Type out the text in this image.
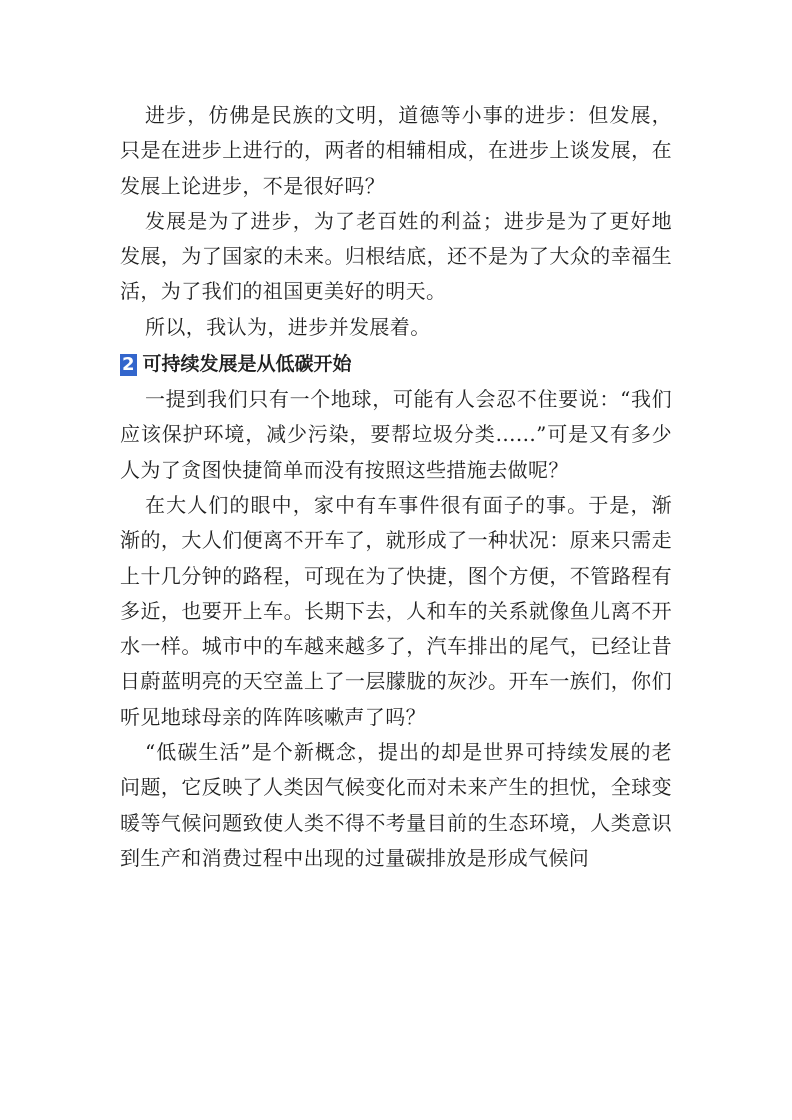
进步，仿佛是民族的文明，道德等小事的进步：但发展，只是在进步上进行的，两者的相辅相成，在进步上谈发展，在发展上论进步，不是很好吗？

发展是为了进步，为了老百姓的利益；进步是为了更好地发展，为了国家的未来。归根结底，还不是为了大众的幸福生活，为了我们的祖国更美好的明天。

所以，我认为，进步并发展着。

2 可持续发展是从低碳开始

一提到我们只有一个地球，可能有人会忍不住要说：“我们应该保护环境，减少污染，要帮垃圾分类......”可是又有多少人为了贪图快捷简单而没有按照这些措施去做呢？

在大人们的眼中，家中有车事件很有面子的事。于是，渐渐的，大人们便离不开车了，就形成了一种状况：原来只需走上十几分钟的路程，可现在为了快捷，图个方便，不管路程有多近，也要开上车。长期下去，人和车的关系就像鱼儿离不开水一样。城市中的车越来越多了，汽车排出的尾气，已经让昔日蔚蓝明亮的天空盖上了一层朦胧的灰沙。开车一族们，你们听见地球母亲的阵阵咳嗽声了吗？

“低碳生活”是个新概念，提出的却是世界可持续发展的老问题，它反映了人类因气候变化而对未来产生的担忧，全球变暖等气候问题致使人类不得不考量目前的生态环境，人类意识到生产和消费过程中出现的过量碳排放是形成气候问
